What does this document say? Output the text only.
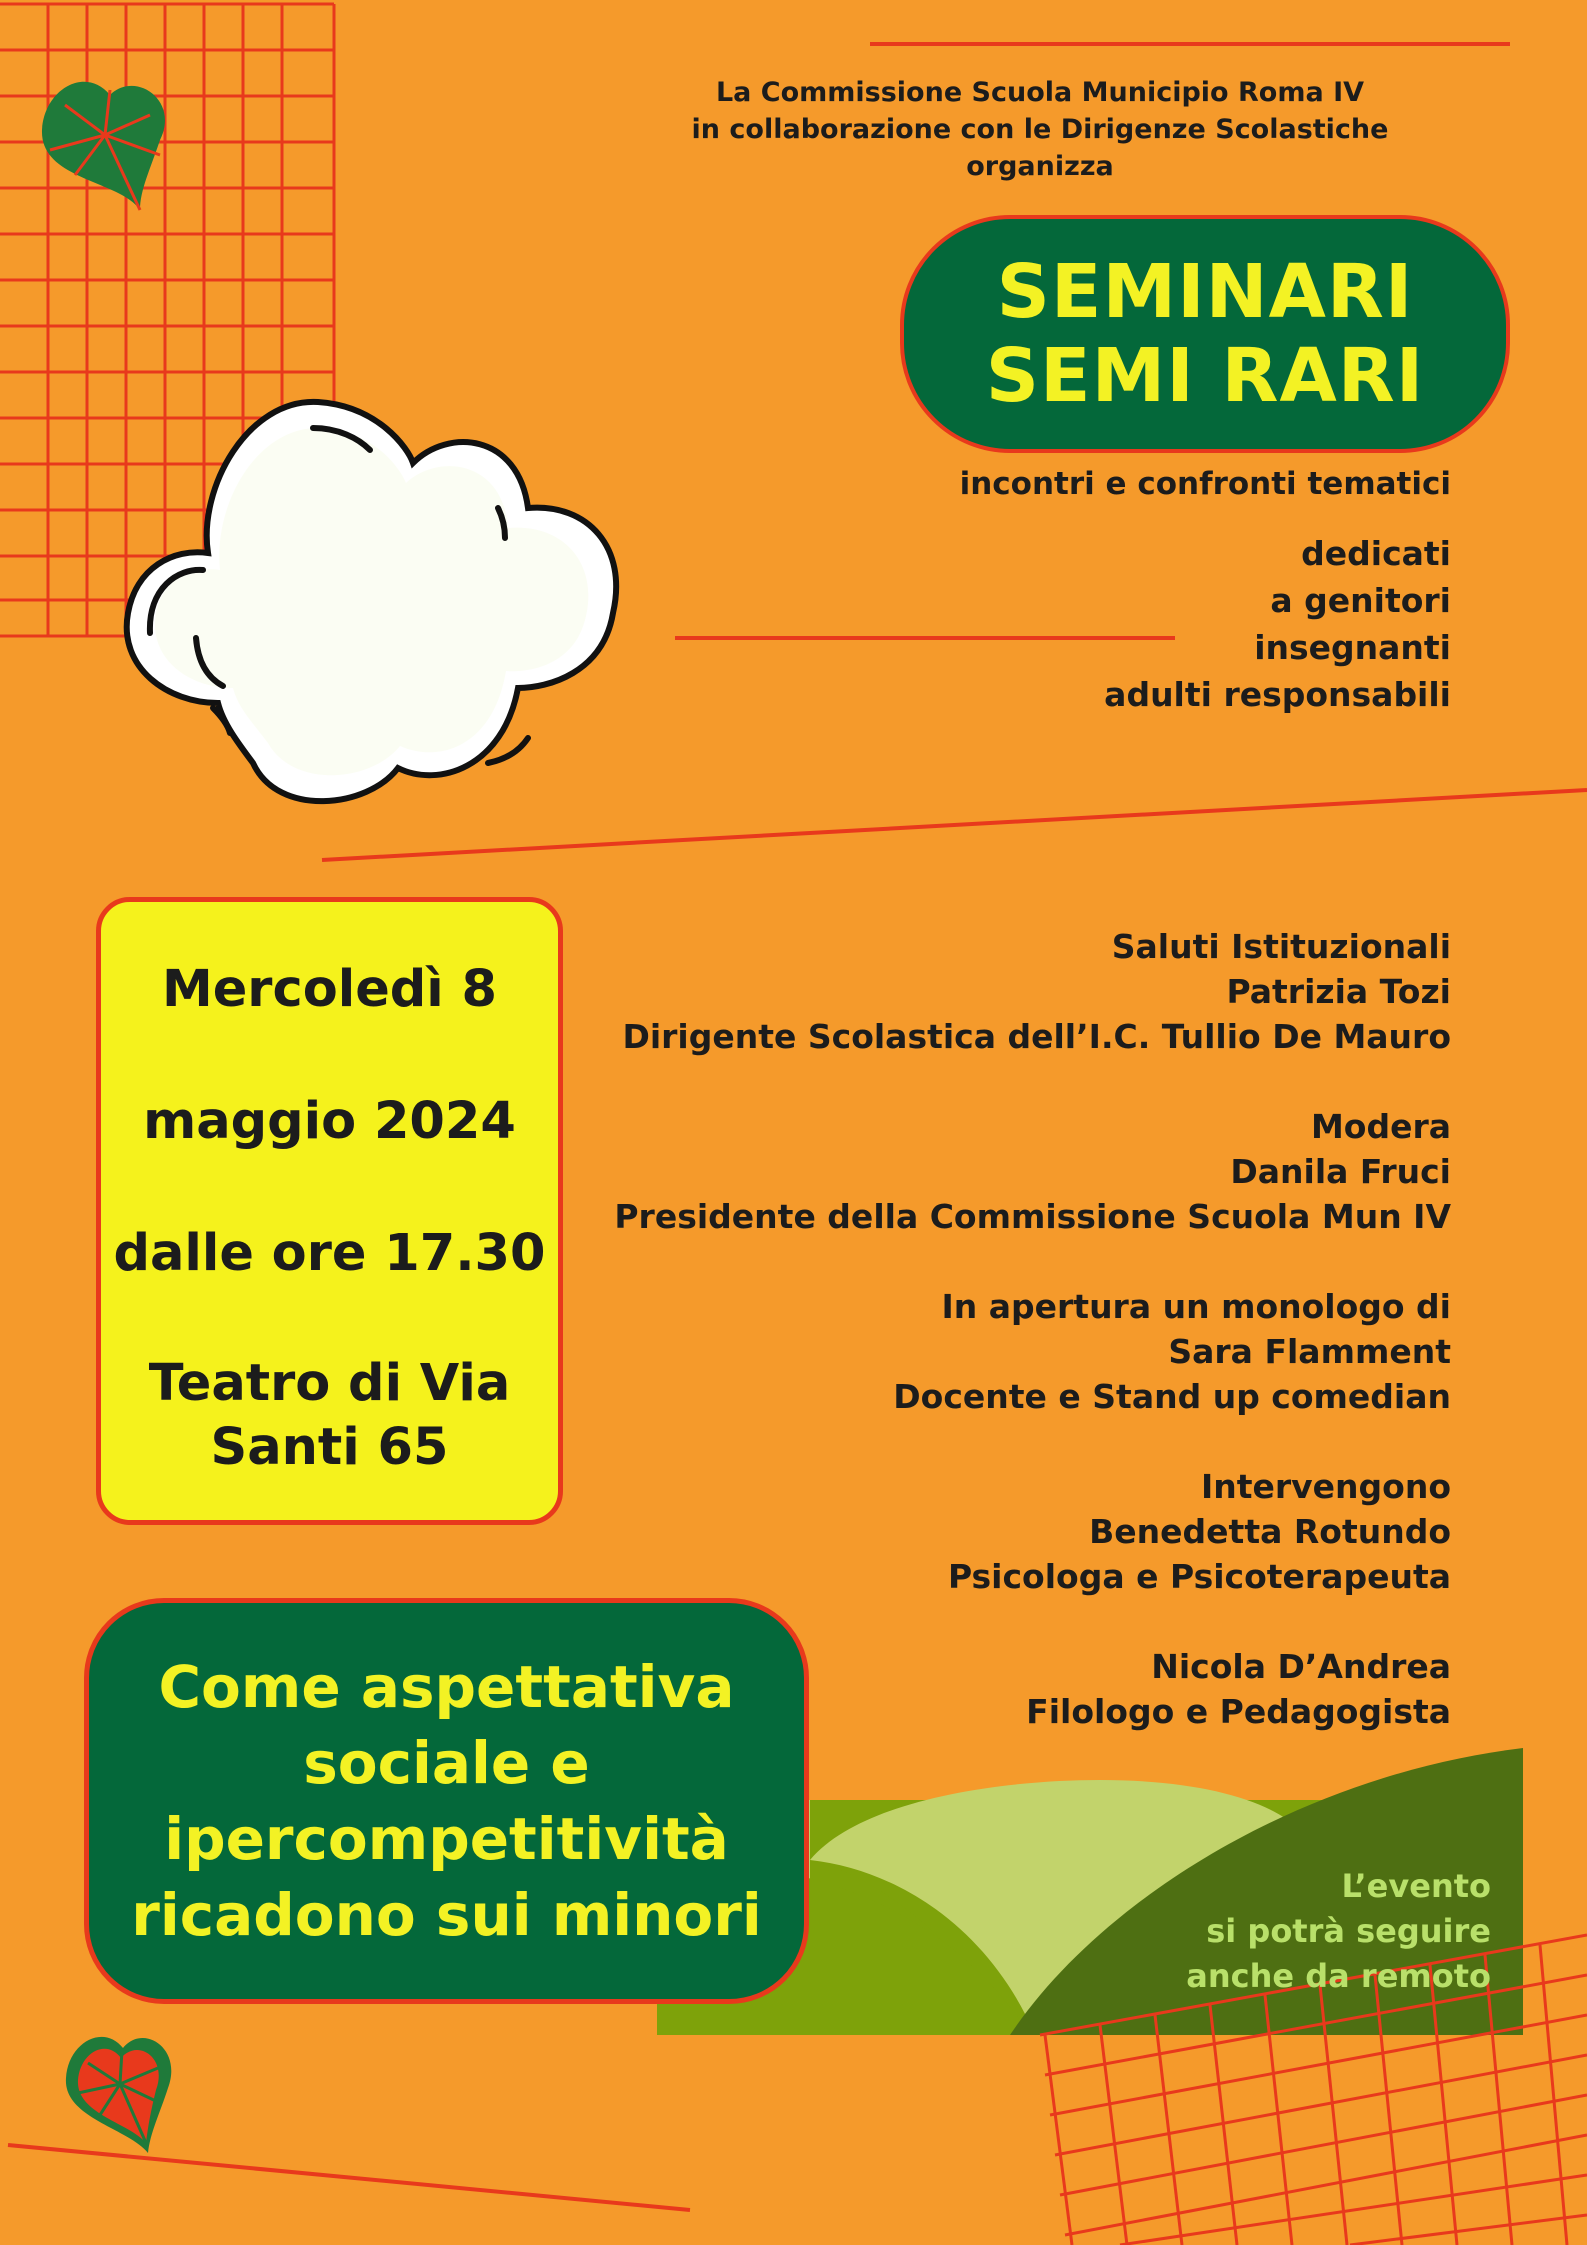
La Commissione Scuola Municipio Roma IV
in collaborazione con le Dirigenze Scolastiche
organizza
SEMINARI
SEMI RARI
incontri e confronti tematici
dedicati
a genitori
insegnanti
adulti responsabili
Mercoledì 8
maggio 2024
dalle ore 17.30
Teatro di Via
Santi 65
Saluti Istituzionali
Patrizia Tozi
Dirigente Scolastica dell’I.C. Tullio De Mauro
Modera
Danila Fruci
Presidente della Commissione Scuola Mun IV
In apertura un monologo di
Sara Flamment
Docente e Stand up comedian
Intervengono
Benedetta Rotundo
Psicologa e Psicoterapeuta
Nicola D’Andrea
Filologo e Pedagogista
L’evento
si potrà seguire
anche da remoto
Come aspettativa
sociale e
ipercompetitività
ricadono sui minori
